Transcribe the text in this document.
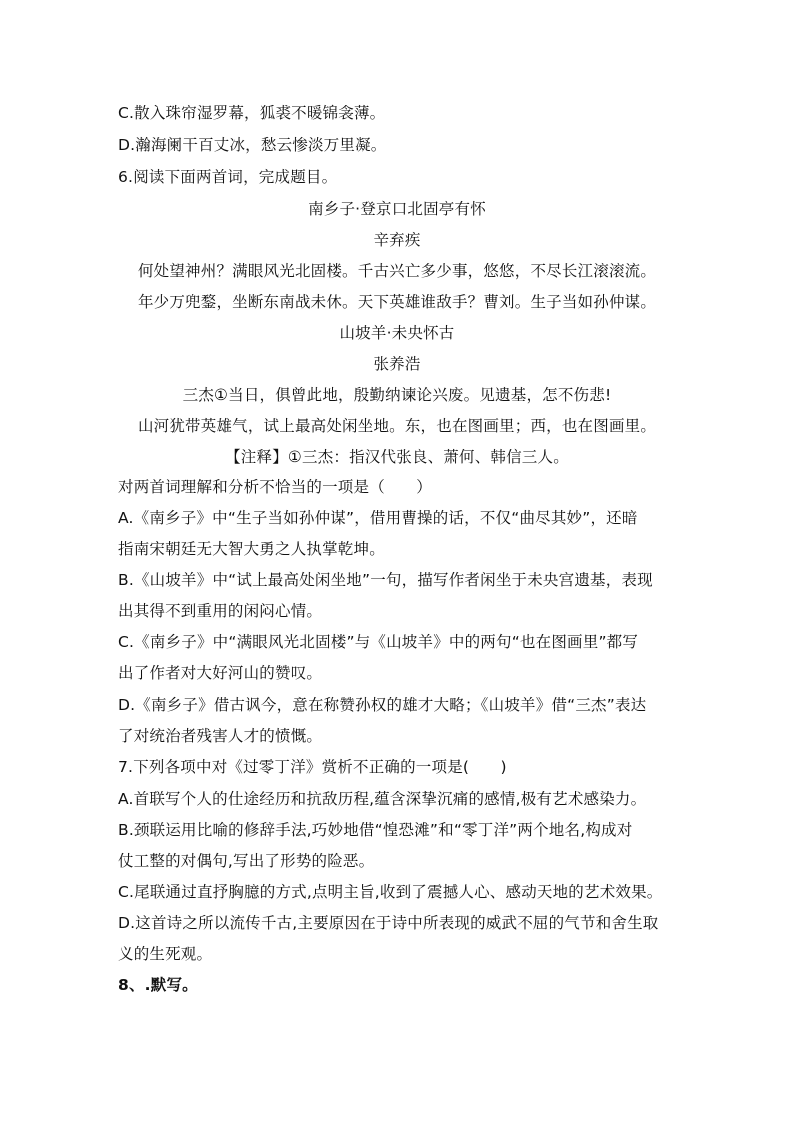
C.散入珠帘湿罗幕，狐裘不暖锦衾薄。
D.瀚海阑干百丈冰，愁云惨淡万里凝。
6.阅读下面两首词，完成题目。
南乡子·登京口北固亭有怀
辛弃疾
何处望神州？满眼风光北固楼。千古兴亡多少事，悠悠，不尽长江滚滚流。
年少万兜鍪，坐断东南战未休。天下英雄谁敌手？曹刘。生子当如孙仲谋。
山坡羊·未央怀古
张养浩
三杰①当日，俱曾此地，殷勤纳谏论兴废。见遗基，怎不伤悲!
山河犹带英雄气，试上最高处闲坐地。东，也在图画里；西，也在图画里。
【注释】①三杰：指汉代张良、萧何、韩信三人。
对两首词理解和分析不恰当的一项是（　　）
A.《南乡子》中“生子当如孙仲谋”，借用曹操的话，不仅“曲尽其妙”，还暗
指南宋朝廷无大智大勇之人执掌乾坤。
B.《山坡羊》中“试上最高处闲坐地”一句，描写作者闲坐于未央宫遗基，表现
出其得不到重用的闲闷心情。
C.《南乡子》中“满眼风光北固楼”与《山坡羊》中的两句“也在图画里”都写
出了作者对大好河山的赞叹。
D.《南乡子》借古讽今，意在称赞孙权的雄才大略；《山坡羊》借“三杰”表达
了对统治者残害人才的愤慨。
7.下列各项中对《过零丁洋》赏析不正确的一项是(　　)
A.首联写个人的仕途经历和抗敌历程,蕴含深挚沉痛的感情,极有艺术感染力。
B.颈联运用比喻的修辞手法,巧妙地借“惶恐滩”和“零丁洋”两个地名,构成对
仗工整的对偶句,写出了形势的险恶。
C.尾联通过直抒胸臆的方式,点明主旨,收到了震撼人心、感动天地的艺术效果。
D.这首诗之所以流传千古,主要原因在于诗中所表现的威武不屈的气节和舍生取
义的生死观。
8、.默写。
